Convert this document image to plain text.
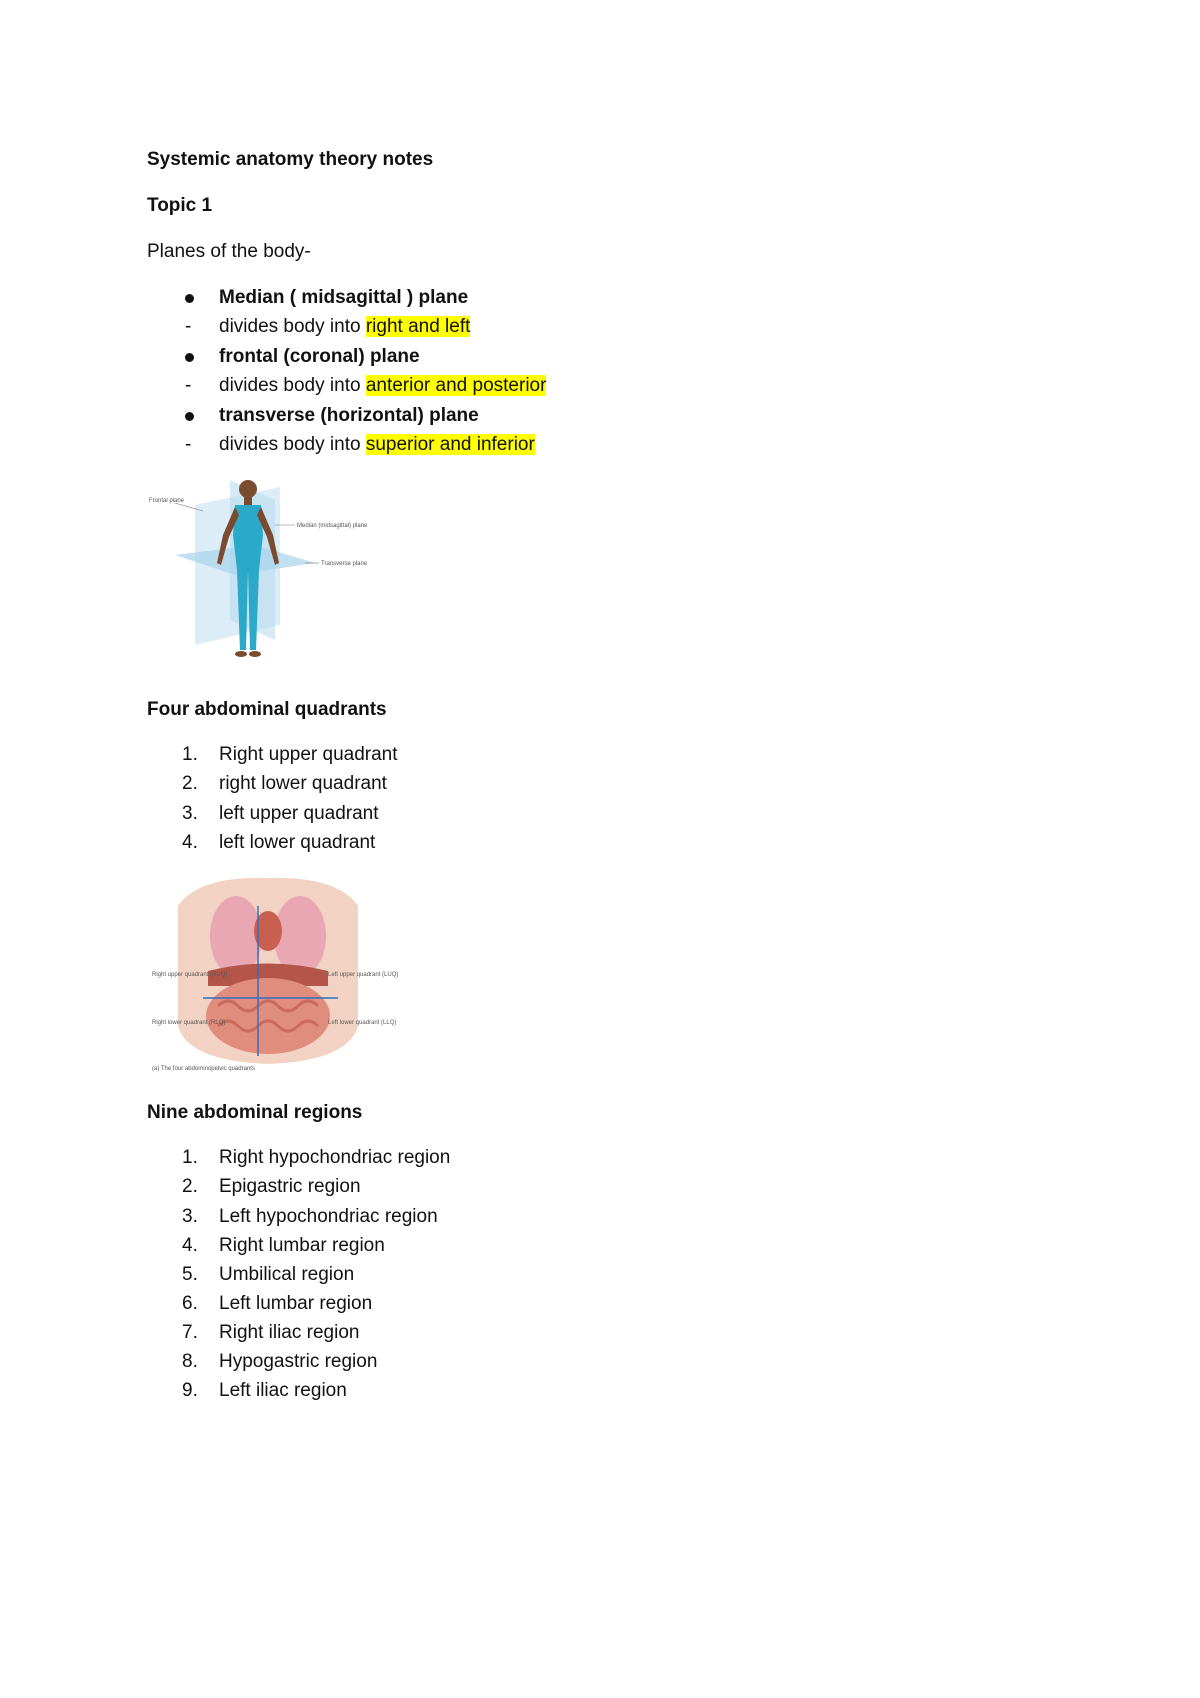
Systemic anatomy theory notes
Topic 1
Planes of the body-
Median ( midsagittal ) plane
- divides body into right and left
frontal (coronal) plane
- divides body into anterior and posterior
transverse (horizontal) plane
- divides body into superior and inferior
Frontal plane
Median (midsagittal) plane
Transverse plane
Four abdominal quadrants
1. Right upper quadrant
2. right lower quadrant
3. left upper quadrant
4. left lower quadrant
Right upper quadrant (RUQ)	Left upper quadrant (LUQ)
Right lower quadrant (RLQ)	Left lower quadrant (LLQ)
(a) The four abdominopelvic quadrants
Nine abdominal regions
1. Right hypochondriac region
2. Epigastric region
3. Left hypochondriac region
4. Right lumbar region
5. Umbilical region
6. Left lumbar region
7. Right iliac region
8. Hypogastric region
9. Left iliac region
